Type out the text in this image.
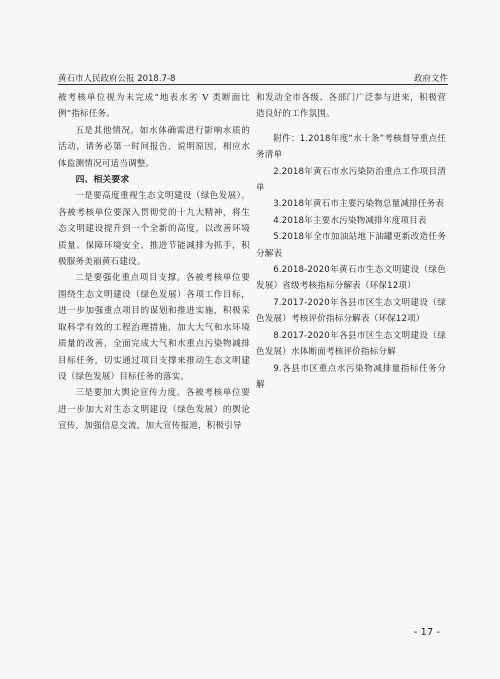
黄石市人民政府公报 2018.7-8	政府文件

被考核单位视为未完成“地表水劣 V 类断面比例”指标任务。

五是其他情况。如水体确需进行影响水质的活动，请务必第一时间报告，说明原因，相应水体监测情况可适当调整。

四、相关要求

一是要高度重视生态文明建设（绿色发展）。各被考核单位要深入贯彻党的十九大精神，将生态文明建设提升到一个全新的高度，以改善环境质量、保障环境安全、推进节能减排为抓手，积极服务美丽黄石建设。

二是要强化重点项目支撑。各被考核单位要围绕生态文明建设（绿色发展）各项工作目标，进一步加强重点项目的谋划和推进实施，积极采取科学有效的工程治理措施，加大大气和水环境质量的改善，全面完成大气和水重点污染物减排目标任务，切实通过项目支撑来推动生态文明建设（绿色发展）目标任务的落实。

三是要加大舆论宣传力度。各被考核单位要进一步加大对生态文明建设（绿色发展）的舆论宣传，加强信息交流，加大宣传报道，积极引导

和发动全市各级、各部门广泛参与进来，积极营造良好的工作氛围。

附件：1.2018年度“水十条”考核督导重点任务清单

2.2018年黄石市水污染防治重点工作项目清单

3.2018年黄石市主要污染物总量减排任务表

4.2018年主要水污染物减排年度项目表

5.2018年全市加油站地下油罐更新改造任务分解表

6.2018-2020年黄石市生态文明建设（绿色发展）省级考核指标分解表（环保12项）

7.2017-2020年各县市区生态文明建设（绿色发展）考核评价指标分解表（环保12项）

8.2017-2020年各县市区生态文明建设（绿色发展）水体断面考核评价指标分解

9.各县市区重点水污染物减排量指标任务分解

- 17 -
